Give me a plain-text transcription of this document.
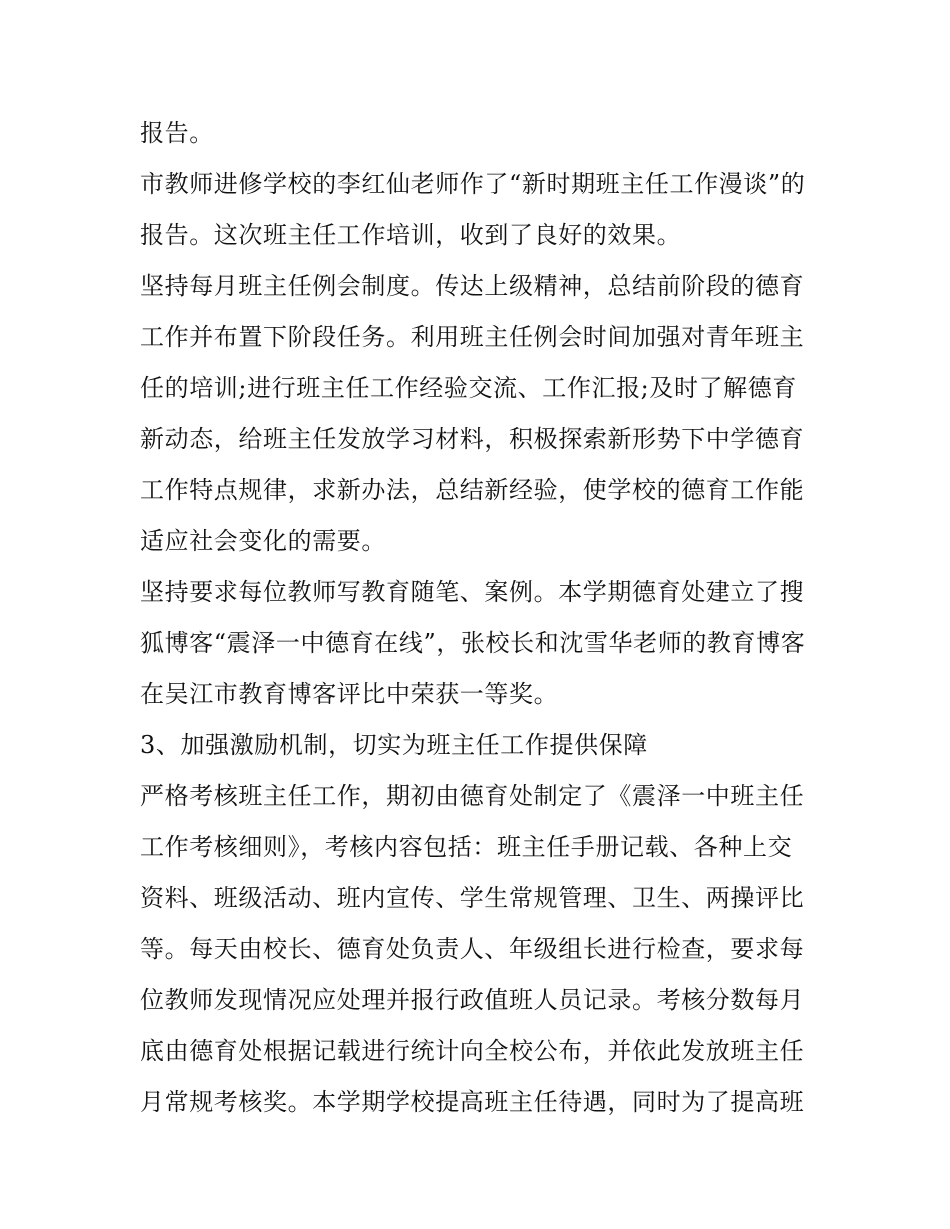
报告。
市教师进修学校的李红仙老师作了“新时期班主任工作漫谈”的
报告。这次班主任工作培训，收到了良好的效果。
坚持每月班主任例会制度。传达上级精神，总结前阶段的德育
工作并布置下阶段任务。利用班主任例会时间加强对青年班主
任的培训;进行班主任工作经验交流、工作汇报;及时了解德育
新动态，给班主任发放学习材料，积极探索新形势下中学德育
工作特点规律，求新办法，总结新经验，使学校的德育工作能
适应社会变化的需要。
坚持要求每位教师写教育随笔、案例。本学期德育处建立了搜
狐博客“震泽一中德育在线”，张校长和沈雪华老师的教育博客
在吴江市教育博客评比中荣获一等奖。
3、加强激励机制，切实为班主任工作提供保障
严格考核班主任工作，期初由德育处制定了《震泽一中班主任
工作考核细则》，考核内容包括：班主任手册记载、各种上交
资料、班级活动、班内宣传、学生常规管理、卫生、两操评比
等。每天由校长、德育处负责人、年级组长进行检查，要求每
位教师发现情况应处理并报行政值班人员记录。考核分数每月
底由德育处根据记载进行统计向全校公布，并依此发放班主任
月常规考核奖。本学期学校提高班主任待遇，同时为了提高班
